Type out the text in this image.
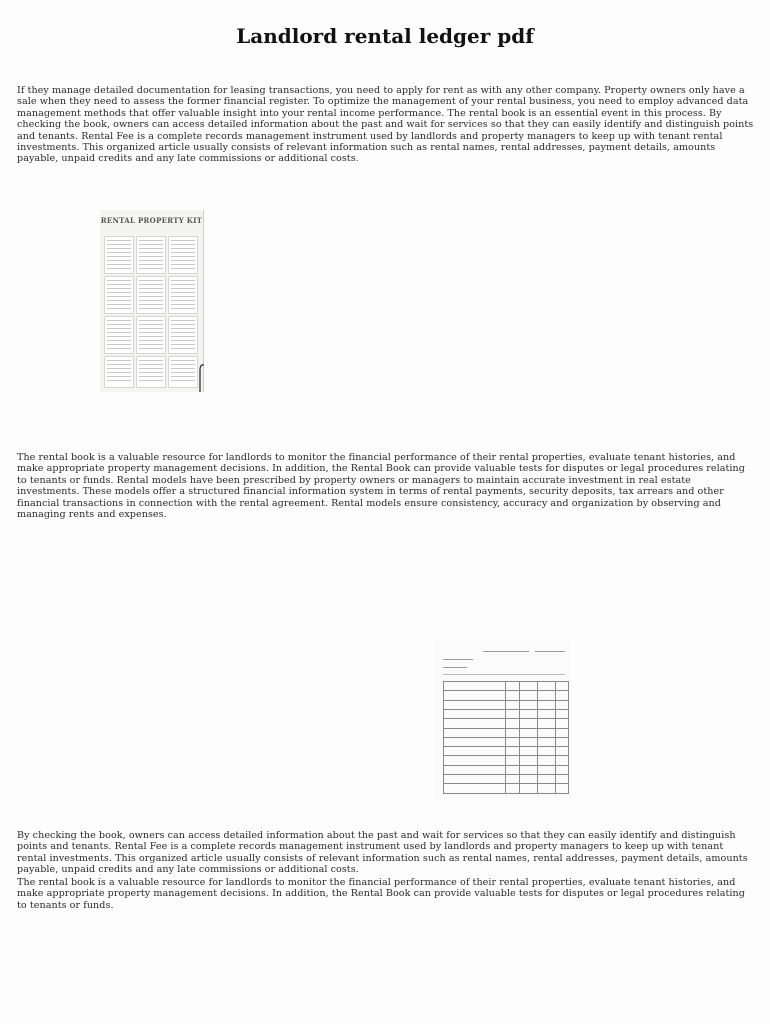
Landlord rental ledger pdf

If they manage detailed documentation for leasing transactions, you need to apply for rent as with any other company. Property owners only have a sale when they need to assess the former financial register. To optimize the management of your rental business, you need to employ advanced data management methods that offer valuable insight into your rental income performance. The rental book is an essential event in this process. By checking the book, owners can access detailed information about the past and wait for services so that they can easily identify and distinguish points and tenants. Rental Fee is a complete records management instrument used by landlords and property managers to keep up with tenant rental investments. This organized article usually consists of relevant information such as rental names, rental addresses, payment details, amounts payable, unpaid credits and any late commissions or additional costs.

RENTAL PROPERTY KIT

The rental book is a valuable resource for landlords to monitor the financial performance of their rental properties, evaluate tenant histories, and make appropriate property management decisions. In addition, the Rental Book can provide valuable tests for disputes or legal procedures relating to tenants or funds. Rental models have been prescribed by property owners or managers to maintain accurate investment in real estate investments. These models offer a structured financial information system in terms of rental payments, security deposits, tax arrears and other financial transactions in connection with the rental agreement. Rental models ensure consistency, accuracy and organization by observing and managing rents and expenses.

By checking the book, owners can access detailed information about the past and wait for services so that they can easily identify and distinguish points and tenants. Rental Fee is a complete records management instrument used by landlords and property managers to keep up with tenant rental investments. This organized article usually consists of relevant information such as rental names, rental addresses, payment details, amounts payable, unpaid credits and any late commissions or additional costs.

The rental book is a valuable resource for landlords to monitor the financial performance of their rental properties, evaluate tenant histories, and make appropriate property management decisions. In addition, the Rental Book can provide valuable tests for disputes or legal procedures relating to tenants or funds.
